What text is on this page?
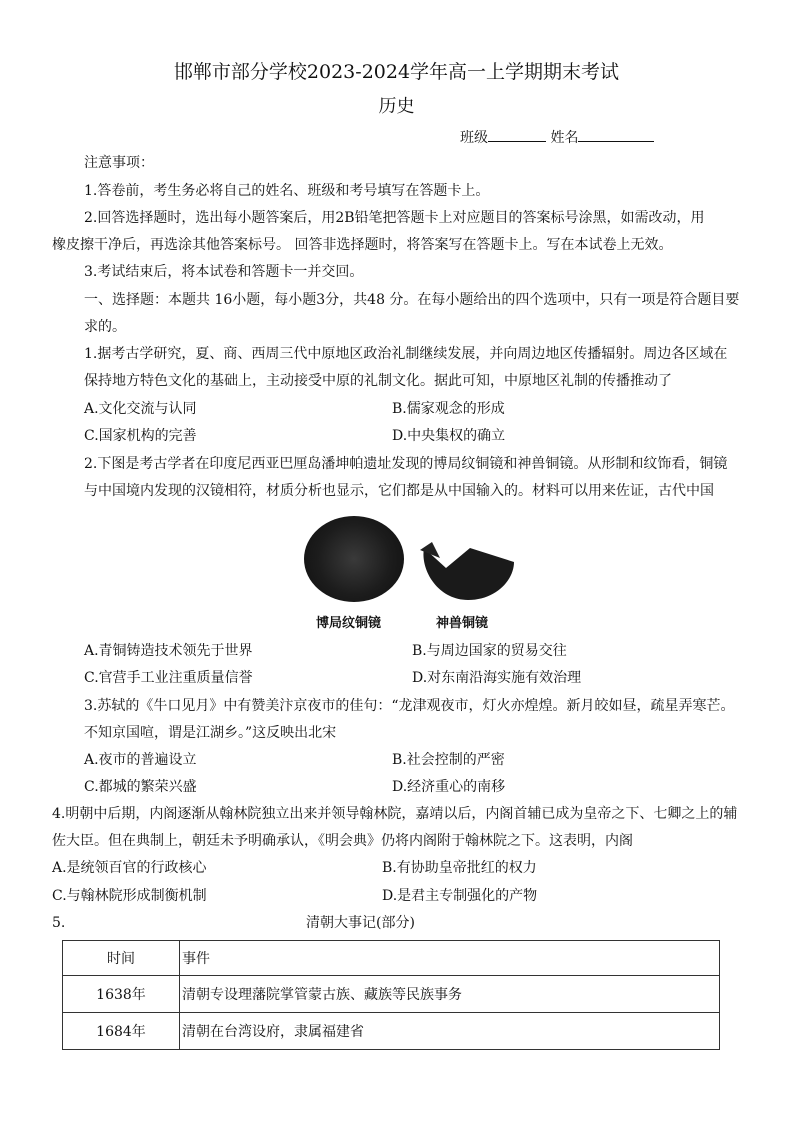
邯郸市部分学校2023-2024学年高一上学期期末考试
历史
班级	姓名
注意事项：
1.答卷前，考生务必将自己的姓名、班级和考号填写在答题卡上。
2.回答选择题时，选出每小题答案后，用2B铅笔把答题卡上对应题目的答案标号涂黑，如需改动，用
橡皮擦干净后，再选涂其他答案标号。 回答非选择题时，将答案写在答题卡上。写在本试卷上无效。
3.考试结束后，将本试卷和答题卡一并交回。
一、选择题：本题共 16小题，每小题3分，共48 分。在每小题给出的四个选项中，只有一项是符合题目要
求的。
1.据考古学研究，夏、商、西周三代中原地区政治礼制继续发展，并向周边地区传播辐射。周边各区域在
保持地方特色文化的基础上，主动接受中原的礼制文化。据此可知，中原地区礼制的传播推动了
A.文化交流与认同	B.儒家观念的形成
C.国家机构的完善	D.中央集权的确立
2.下图是考古学者在印度尼西亚巴厘岛潘坤帕遗址发现的博局纹铜镜和神兽铜镜。从形制和纹饰看，铜镜
与中国境内发现的汉镜相符，材质分析也显示，它们都是从中国输入的。材料可以用来佐证，古代中国
博局纹铜镜	神兽铜镜
A.青铜铸造技术领先于世界	B.与周边国家的贸易交往
C.官营手工业注重质量信誉	D.对东南沿海实施有效治理
3.苏轼的《牛口见月》中有赞美汴京夜市的佳句：“龙津观夜市，灯火亦煌煌。新月皎如昼，疏星弄寒芒。
不知京国喧，谓是江湖乡。”这反映出北宋
A.夜市的普遍设立	B.社会控制的严密
C.都城的繁荣兴盛	D.经济重心的南移
4.明朝中后期，内阁逐渐从翰林院独立出来并领导翰林院，嘉靖以后，内阁首辅已成为皇帝之下、七卿之上的辅
佐大臣。但在典制上，朝廷未予明确承认，《明会典》仍将内阁附于翰林院之下。这表明，内阁
A.是统领百官的行政核心	B.有协助皇帝批红的权力
C.与翰林院形成制衡机制	D.是君主专制强化的产物
5.	清朝大事记(部分)
时间	事件
1638年	清朝专设理藩院掌管蒙古族、藏族等民族事务
1684年	清朝在台湾设府，隶属福建省
